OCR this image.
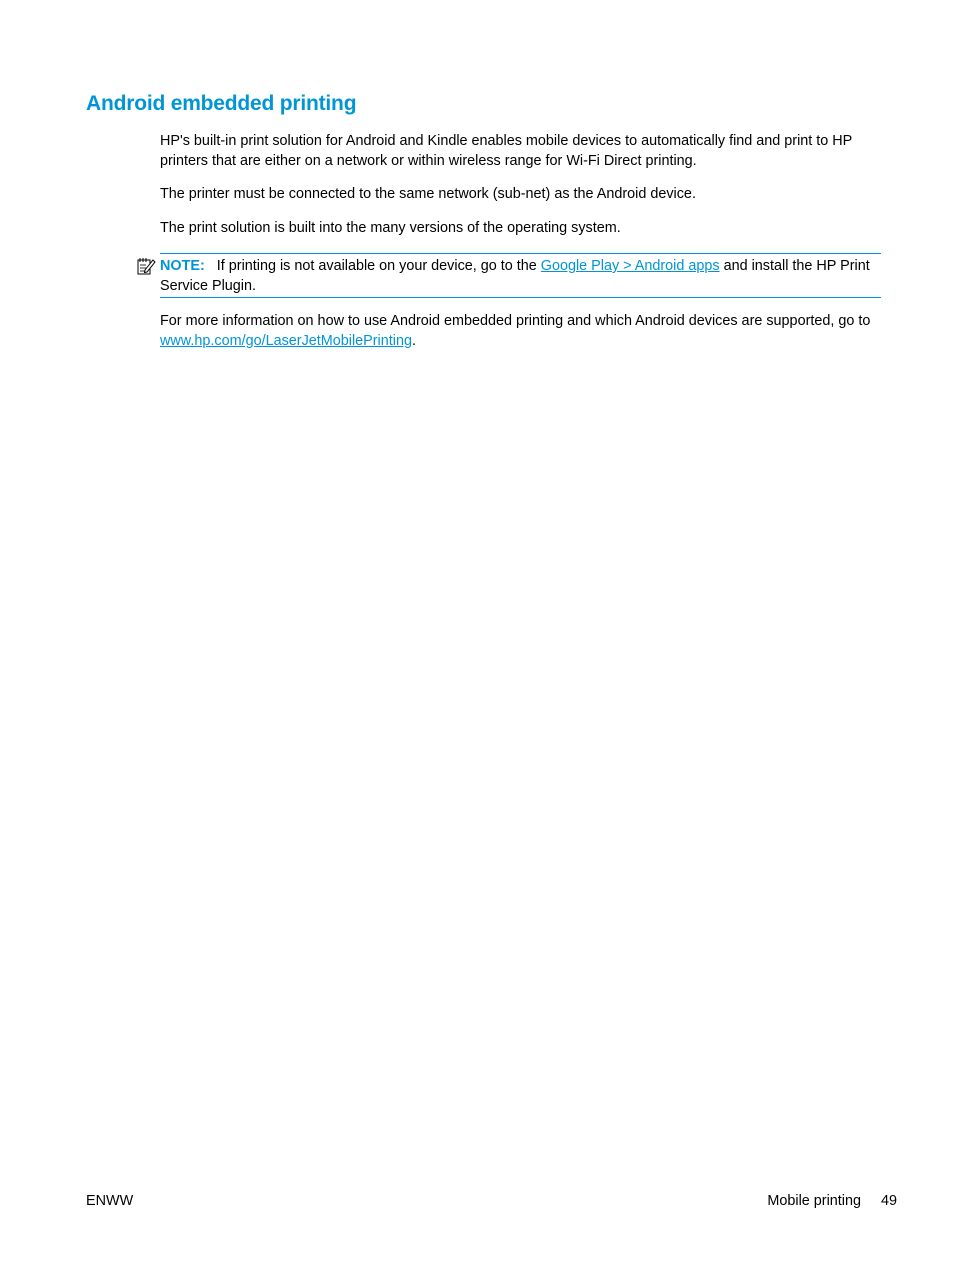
Android embedded printing

HP's built-in print solution for Android and Kindle enables mobile devices to automatically find and print to HP printers that are either on a network or within wireless range for Wi-Fi Direct printing.

The printer must be connected to the same network (sub-net) as the Android device.

The print solution is built into the many versions of the operating system.

NOTE: If printing is not available on your device, go to the Google Play > Android apps and install the HP Print Service Plugin.

For more information on how to use Android embedded printing and which Android devices are supported, go to www.hp.com/go/LaserJetMobilePrinting.

ENWW	Mobile printing 49
